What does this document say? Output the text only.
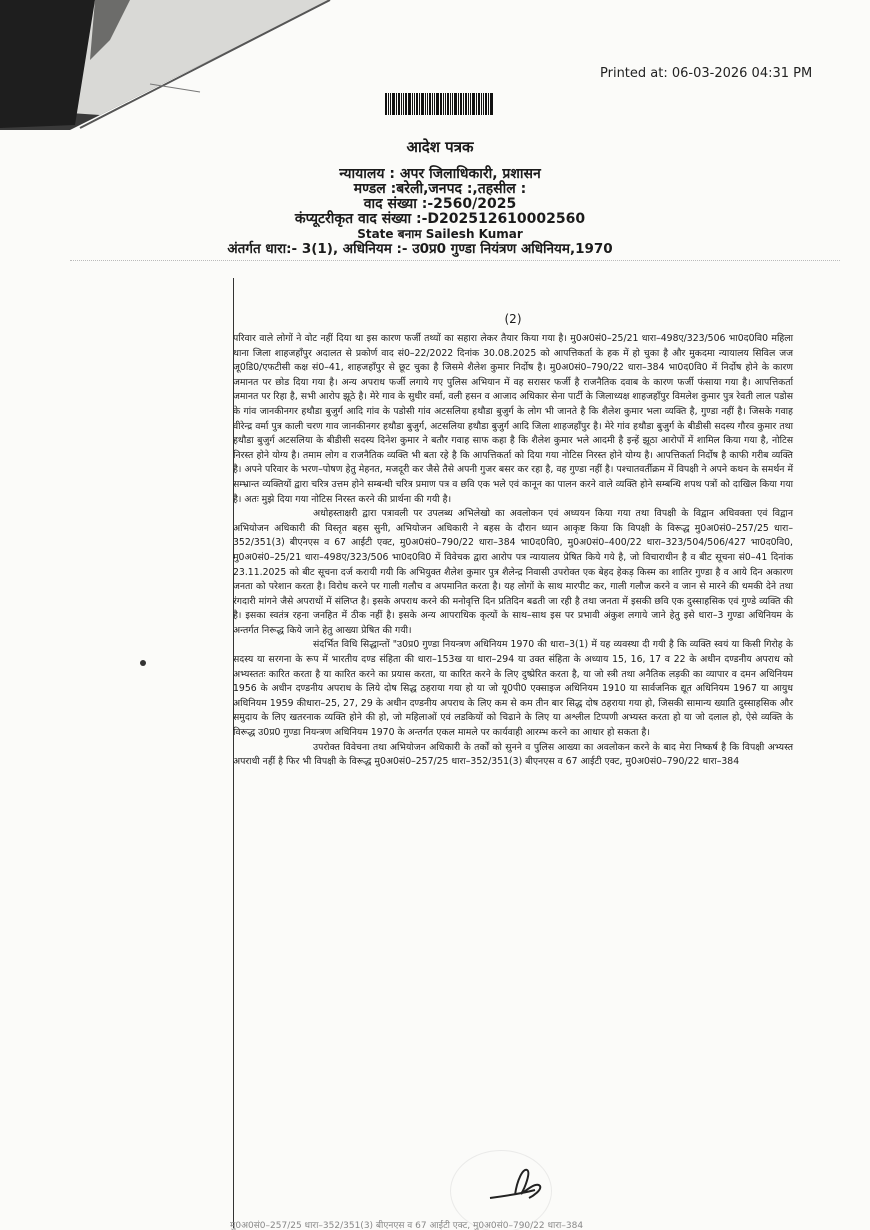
Printed at: 06-03-2026 04:31 PM
आदेश पत्रक
न्यायालय : अपर जिलाधिकारी, प्रशासन
मण्डल :बरेली,जनपद :,तहसील :
वाद संख्या :-2560/2025
कंप्यूटरीकृत वाद संख्या :-D202512610002560
State बनाम Sailesh Kumar
अंतर्गत धारा:- 3(1), अधिनियम :- उ0प्र0 गुण्डा नियंत्रण अधिनियम,1970
(2)

परिवार वाले लोगों ने वोट नहीं दिया था इस कारण फर्जी तथ्यों का सहारा लेकर तैयार किया गया है। मु0अ0सं0–25/21 धारा–498ए/323/506 भा0द0वि0 महिला थाना जिला शाहजहाँपुर अदालत से प्रकोर्ण वाद सं0–22/2022 दिनांक 30.08.2025 को आपत्तिकर्ता के हक में हो चुका है और मुकदमा न्यायालय सिविल जज जू0डि0/एफटीसी कक्ष सं0–41, शाहजहाँपुर से छूट चुका है जिसमे शैलेश कुमार निर्दोष है। मु0अ0सं0–790/22 धारा–384 भा0द0वि0 में निर्दोष होने के कारण जमानत पर छोड दिया गया है। अन्य अपराध फर्जी लगाये गए पुलिस अभियान में वह सरासर फर्जी है राजनैतिक दवाब के कारण फर्जी फंसाया गया है। आपत्तिकर्ता जमानत पर रिहा है, सभी आरोप झूठे है। मेरे गाव के सुधीर वर्मा, वली हसन व आजाद अधिकार सेना पार्टी के जिलाध्यक्ष शाहजहाँपुर विमलेश कुमार पुत्र रेवती लाल पडोस के गांव जानकीनगर हथौडा बुजुर्ग आदि गांव के पडोसी गांव अटसलिया हथौडा बुजुर्ग के लोग भी जानते है कि शैलेश कुमार भला व्यक्ति है, गुण्डा नहीं है। जिसके गवाह वीरेन्द्र वर्मा पुत्र काली चरण गाव जानकीनगर हथौडा बुजुर्ग, अटसलिया हथौडा बुजुर्ग आदि जिला शाहजहाँपुर है। मेरे गांव हथौडा बुजुर्ग के बीडीसी सदस्य गौरव कुमार तथा हथौडा बुजुर्ग अटसलिया के बीडीसी सदस्य दिनेश कुमार ने बतौर गवाह साफ कहा है कि शैलेश कुमार भले आदमी है इन्हें झूठा आरोपों में शामिल किया गया है, नोटिस निरस्त होने योग्य है। तमाम लोग व राजनैतिक व्यक्ति भी बता रहे है कि आपत्तिकर्ता को दिया गया नोटिस निरस्त होने योग्य है। आपत्तिकर्ता निर्दोष है काफी गरीब व्यक्ति है। अपने परिवार के भरण–पोषण हेतु मेहनत, मजदूरी कर जैसे तैसे अपनी गुजर बसर कर रहा है, वह गुण्डा नहीं है। पश्चातवर्तीक्रम में विपक्षी ने अपने कथन के समर्थन में सम्भ्रान्त व्यक्तियों द्वारा चरित्र उत्तम होने सम्बन्धी चरित्र प्रमाण पत्र व छवि एक भले एवं कानून का पालन करने वाले व्यक्ति होने सम्बन्धि शपथ पत्रों को दाखिल किया गया है। अतः मुझे दिया गया नोटिस निरस्त करने की प्रार्थना की गयी है।

अधोहस्ताक्षरी द्वारा पत्रावली पर उपलब्ध अभिलेखो का अवलोकन एवं अध्ययन किया गया तथा विपक्षी के विद्वान अधिवक्ता एवं विद्वान अभियोजन अधिकारी की विस्तृत बहस सुनी, अभियोजन अधिकारी ने बहस के दौरान ध्यान आकृष्ट किया कि विपक्षी के विरूद्ध मु0अ0सं0–257/25 धारा–352/351(3) बीएनएस व 67 आईटी एक्ट, मु0अ0सं0–790/22 धारा–384 भा0द0वि0, मु0अ0सं0–400/22 धारा–323/504/506/427 भा0द0वि0, मु0अ0सं0–25/21 धारा–498ए/323/506 भा0द0वि0 में विवेचक द्वारा आरोप पत्र न्यायालय प्रेषित किये गये है, जो विचाराधीन है व बीट सूचना सं0–41 दिनांक 23.11.2025 को बीट सूचना दर्ज करायी गयी कि अभियुक्त शैलेश कुमार पुत्र शैलेन्द्र निवासी उपरोक्त एक बेहद हेकड़ किस्म का शातिर गुण्डा है व आये दिन अकारण जनता को परेशान करता है। विरोध करने पर गाली गलौच व अपमानित करता है। यह लोगों के साथ मारपीट कर, गाली गलौज करने व जान से मारने की धमकी देने तथा रंगदारी मांगने जैसे अपराधों में संलिप्त है। इसके अपराध करने की मनोवृत्ति दिन प्रतिदिन बढती जा रही है तथा जनता में इसकी छवि एक दुस्साहसिक एवं गुण्डे व्यक्ति की है। इसका स्वतंत्र रहना जनहित में ठीक नहीं है। इसके अन्य आपराधिक कृत्यों के साथ–साथ इस पर प्रभावी अंकुश लगाये जाने हेतु इसे धारा–3 गुण्डा अधिनियम के अन्तर्गत निरूद्ध किये जाने हेतु आख्या प्रेषित की गयी।

संदर्भित विधि सिद्धान्तों "उ0प्र0 गुण्डा नियन्त्रण अधिनियम 1970 की धारा–3(1) में यह व्यवस्था दी गयी है कि व्यक्ति स्वयं या किसी गिरोह के सदस्य या सरगना के रूप में भारतीय दण्ड संहिता की धारा–153ख या धारा–294 या उक्त संहिता के अध्याय 15, 16, 17 व 22 के अधीन दण्डनीय अपराध को अभ्यस्ततः कारित करता है या कारित करने का प्रयास करता, या कारित करने के लिए दुष्प्रेरित करता है, या जो स्त्री तथा अनैतिक लड़की का व्यापार व दमन अधिनियम 1956 के अधीन दण्डनीय अपराध के लिये दोष सिद्ध ठहराया गया हो या जो यू0पी0 एक्साइज अधिनियम 1910 या सार्वजनिक द्यूत अधिनियम 1967 या आयुध अधिनियम 1959 कीधारा–25, 27, 29 के अधीन दण्डनीय अपराध के लिए कम से कम तीन बार सिद्ध दोष ठहराया गया हो, जिसकी सामान्य ख्याति दुस्साहसिक और समुदाय के लिए खतरनाक व्यक्ति होने की हो, जो महिलाओं एवं लडकियों को चिढाने के लिए या अश्लील टिप्पणी अभ्यस्त करता हो या जो दलाल हो, ऐसे व्यक्ति के विरूद्ध उ0प्र0 गुण्डा नियन्त्रण अधिनियम 1970 के अन्तर्गत एकल मामले पर कार्यवाही आरम्भ करने का आधार हो सकता है।

उपरोक्त विवेचना तथा अभियोजन अधिकारी के तर्कों को सुनने व पुलिस आख्या का अवलोकन करने के बाद मेरा निष्कर्ष है कि विपक्षी अभ्यस्त अपराधी नहीं है फिर भी विपक्षी के विरूद्ध मु0अ0सं0–257/25 धारा–352/351(3) बीएनएस व 67 आईटी एक्ट, मु0अ0सं0–790/22 धारा–384

मु0अ0सं0–257/25 धारा–352/351(3) बीएनएस व 67 आईटी एक्ट, मु0अ0सं0–790/22 धारा–384
